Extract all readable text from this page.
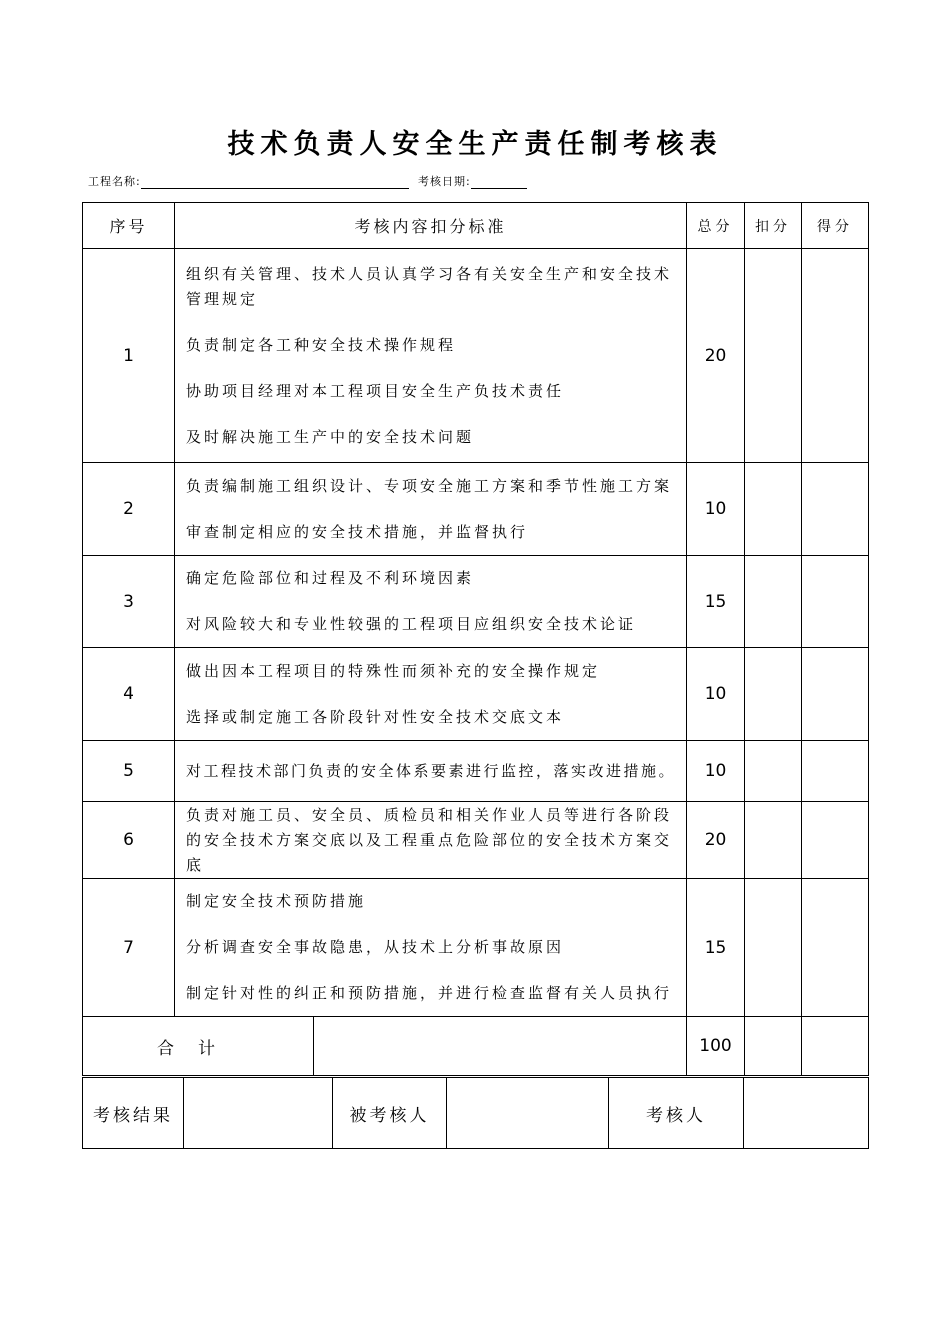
技术负责人安全生产责任制考核表
工程名称:	考核日期:
序号	考核内容扣分标准		总分	扣分	得分
1	组织有关管理、技术人员认真学习各有关安全生产和安全技术管理规定

负责制定各工种安全技术操作规程

协助项目经理对本工程项目安全生产负技术责任

及时解决施工生产中的安全技术问题		20		
2	负责编制施工组织设计、专项安全施工方案和季节性施工方案

审查制定相应的安全技术措施，并监督执行		10		
3	确定危险部位和过程及不利环境因素

对风险较大和专业性较强的工程项目应组织安全技术论证		15		
4	做出因本工程项目的特殊性而须补充的安全操作规定

选择或制定施工各阶段针对性安全技术交底文本		10		
5	对工程技术部门负责的安全体系要素进行监控，落实改进措施。		10		
6	负责对施工员、安全员、质检员和相关作业人员等进行各阶段的安全技术方案交底以及工程重点危险部位的安全技术方案交底		20		
7	制定安全技术预防措施

分析调查安全事故隐患，从技术上分析事故原因

制定针对性的纠正和预防措施，并进行检查监督有关人员执行		15		
合计			100		
考核结果		被考核人		考核人	
